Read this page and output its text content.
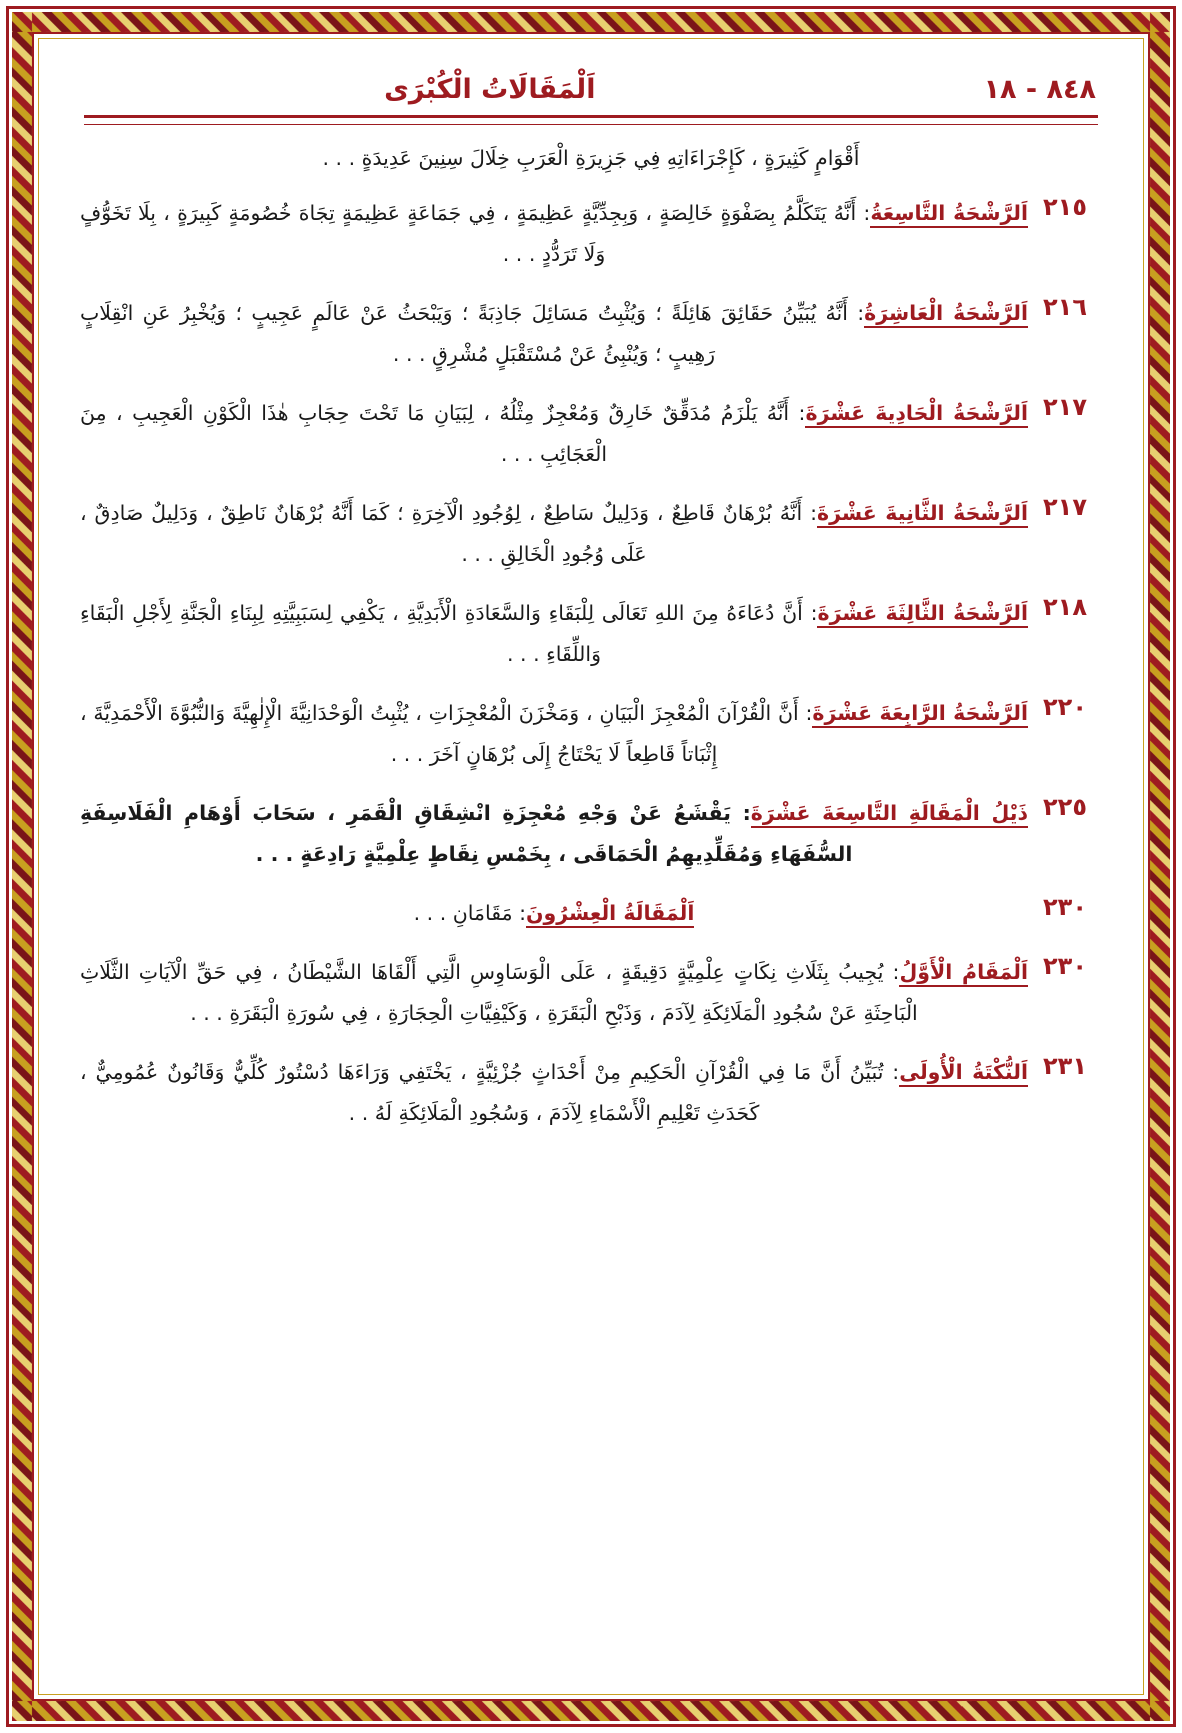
٨٤٨ - ١٨
اَلْمَقَالَاتُ الْكُبْرَى
أَقْوَامٍ كَثِيرَةٍ ، كَإِجْرَاءَاتِهِ فِي جَزِيرَةِ الْعَرَبِ خِلَالَ سِنِينَ عَدِيدَةٍ . . .
٢١٥	اَلرَّشْحَةُ التَّاسِعَةُ: أَنَّهُ يَتَكَلَّمُ بِصَفْوَةٍ خَالِصَةٍ ، وَبِجِدِّيَّةٍ عَظِيمَةٍ ، فِي جَمَاعَةٍ عَظِيمَةٍ تِجَاهَ خُصُومَةٍ كَبِيرَةٍ ، بِلَا تَخَوُّفٍ وَلَا تَرَدُّدٍ . . .
٢١٦	اَلرَّشْحَةُ الْعَاشِرَةُ: أَنَّهُ يُبَيِّنُ حَقَائِقَ هَائِلَةً ؛ وَيُثْبِتُ مَسَائِلَ جَاذِبَةً ؛ وَيَبْحَثُ عَنْ عَالَمٍ عَجِيبٍ ؛ وَيُخْبِرُ عَنِ انْقِلَابٍ رَهِيبٍ ؛ وَيُنْبِئُ عَنْ مُسْتَقْبَلٍ مُشْرِقٍ . . .
٢١٧	اَلرَّشْحَةُ الْحَادِيةَ عَشْرَةَ: أَنَّهُ يَلْزَمُ مُدَقِّقٌ خَارِقٌ وَمُعْجِزٌ مِثْلُهُ ، لِبَيَانِ مَا تَحْتَ حِجَابِ هٰذَا الْكَوْنِ الْعَجِيبِ ، مِنَ الْعَجَائِبِ . . .
٢١٧	اَلرَّشْحَةُ الثَّانِيةَ عَشْرَةَ: أَنَّهُ بُرْهَانٌ قَاطِعٌ ، وَدَلِيلٌ سَاطِعٌ ، لِوُجُودِ الْآخِرَةِ ؛ كَمَا أَنَّهُ بُرْهَانٌ نَاطِقٌ ، وَدَلِيلٌ صَادِقٌ ، عَلَى وُجُودِ الْخَالِقِ . . .
٢١٨	اَلرَّشْحَةُ الثَّالِثَةَ عَشْرَةَ: أَنَّ دُعَاءَهُ مِنَ اللهِ تَعَالَى لِلْبَقَاءِ وَالسَّعَادَةِ الْأَبَدِيَّةِ ، يَكْفِي لِسَبَبِيَّتِهِ لِبِنَاءِ الْجَنَّةِ لِأَجْلِ الْبَقَاءِ وَاللِّقَاءِ . . .
٢٢٠	اَلرَّشْحَةُ الرَّابِعَةَ عَشْرَةَ: أَنَّ الْقُرْآنَ الْمُعْجِزَ الْبَيَانِ ، وَمَخْزَنَ الْمُعْجِزَاتِ ، يُثْبِتُ الْوَحْدَانِيَّةَ الْإِلٰهِيَّةَ وَالنُّبُوَّةَ الْأَحْمَدِيَّةَ ، إِثْبَاتاً قَاطِعاً لَا يَحْتَاجُ إِلَى بُرْهَانٍ آخَرَ . . .
٢٢٥	ذَيْلُ الْمَقَالَةِ التَّاسِعَةَ عَشْرَةَ: يَقْشَعُ عَنْ وَجْهِ مُعْجِزَةِ انْشِقَاقِ الْقَمَرِ ، سَحَابَ أَوْهَامِ الْفَلَاسِفَةِ السُّفَهَاءِ وَمُقَلِّدِيهِمُ الْحَمَاقَى ، بِخَمْسِ نِقَاطٍ عِلْمِيَّةٍ رَادِعَةٍ . . .
٢٣٠	اَلْمَقَالَةُ الْعِشْرُونَ: مَقَامَانِ . . .
٢٣٠	اَلْمَقَامُ الْأَوَّلُ: يُجِيبُ بِثَلَاثِ نِكَاتٍ عِلْمِيَّةٍ دَقِيقَةٍ ، عَلَى الْوَسَاوِسِ الَّتِي أَلْقَاهَا الشَّيْطَانُ ، فِي حَقِّ الْآيَاتِ الثَّلَاثِ الْبَاحِثَةِ عَنْ سُجُودِ الْمَلَائِكَةِ لِآدَمَ ، وَذَبْحِ الْبَقَرَةِ ، وَكَيْفِيَّاتِ الْحِجَارَةِ ، فِي سُورَةِ الْبَقَرَةِ . . .
٢٣١	اَلنُّكْتَةُ الْأُولَى: تُبَيِّنُ أَنَّ مَا فِي الْقُرْآنِ الْحَكِيمِ مِنْ أَحْدَاثٍ جُزْئِيَّةٍ ، يَخْتَفِي وَرَاءَهَا دُسْتُورٌ كُلِّيٌّ وَقَانُونٌ عُمُومِيٌّ ، كَحَدَثِ تَعْلِيمِ الْأَسْمَاءِ لِآدَمَ ، وَسُجُودِ الْمَلَائِكَةِ لَهُ . .
